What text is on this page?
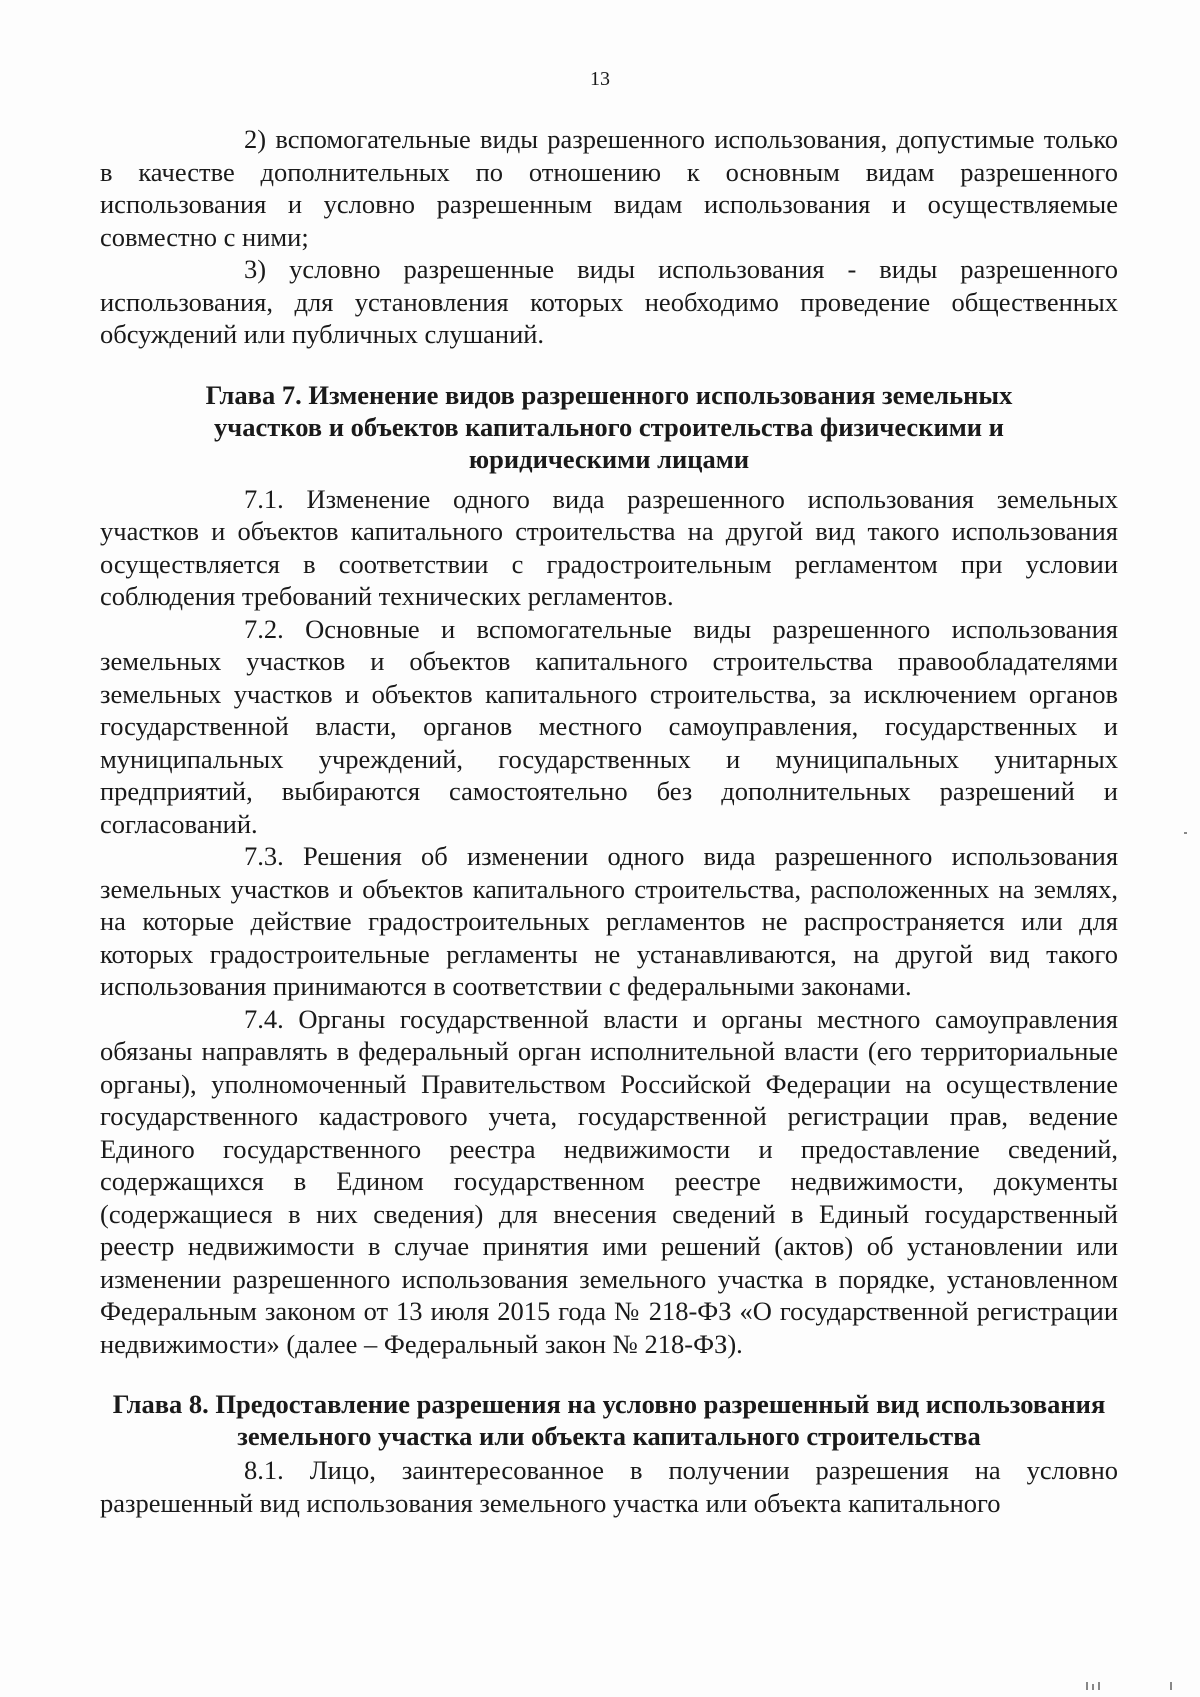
13

2) вспомогательные виды разрешенного использования, допустимые только в качестве дополнительных по отношению к основным видам разрешенного использования и условно разрешенным видам использования и осуществляемые совместно с ними;

3) условно разрешенные виды использования - виды разрешенного использования, для установления которых необходимо проведение общественных обсуждений или публичных слушаний.

Глава 7. Изменение видов разрешенного использования земельных участков и объектов капитального строительства физическими и юридическими лицами

7.1. Изменение одного вида разрешенного использования земельных участков и объектов капитального строительства на другой вид такого использования осуществляется в соответствии с градостроительным регламентом при условии соблюдения требований технических регламентов.

7.2. Основные и вспомогательные виды разрешенного использования земельных участков и объектов капитального строительства правообладателями земельных участков и объектов капитального строительства, за исключением органов государственной власти, органов местного самоуправления, государственных и муниципальных учреждений, государственных и муниципальных унитарных предприятий, выбираются самостоятельно без дополнительных разрешений и согласований.

7.3. Решения об изменении одного вида разрешенного использования земельных участков и объектов капитального строительства, расположенных на землях, на которые действие градостроительных регламентов не распространяется или для которых градостроительные регламенты не устанавливаются, на другой вид такого использования принимаются в соответствии с федеральными законами.

7.4. Органы государственной власти и органы местного самоуправления обязаны направлять в федеральный орган исполнительной власти (его территориальные органы), уполномоченный Правительством Российской Федерации на осуществление государственного кадастрового учета, государственной регистрации прав, ведение Единого государственного реестра недвижимости и предоставление сведений, содержащихся в Едином государственном реестре недвижимости, документы (содержащиеся в них сведения) для внесения сведений в Единый государственный реестр недвижимости в случае принятия ими решений (актов) об установлении или изменении разрешенного использования земельного участка в порядке, установленном Федеральным законом от 13 июля 2015 года № 218-ФЗ «О государственной регистрации недвижимости» (далее – Федеральный закон № 218-ФЗ).

Глава 8. Предоставление разрешения на условно разрешенный вид использования земельного участка или объекта капитального строительства

8.1. Лицо, заинтересованное в получении разрешения на условно разрешенный вид использования земельного участка или объекта капитального
